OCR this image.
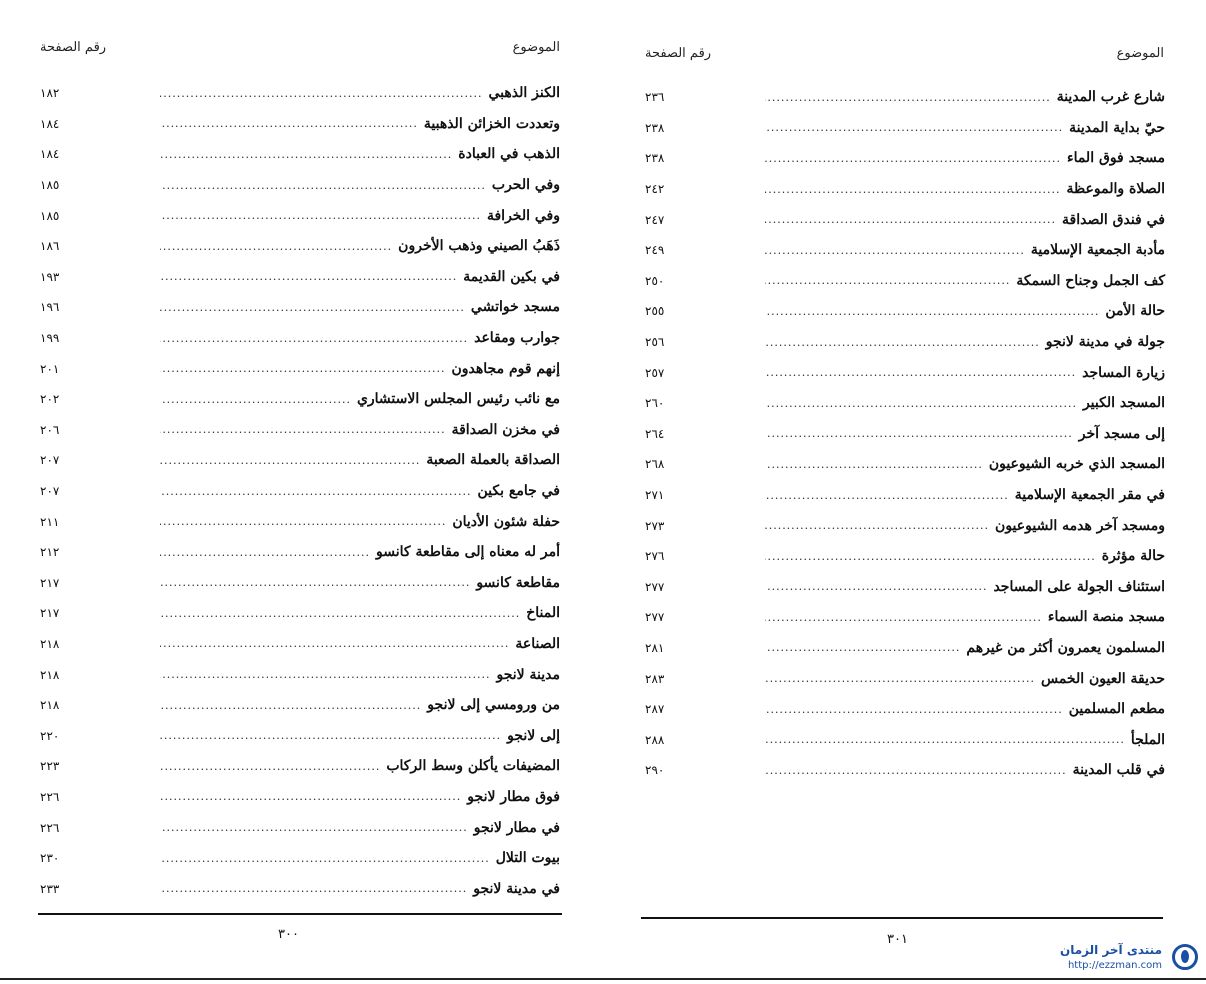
الموضوع
رقم الصفحة
الكنز الذهبي
.....
١٨٢
وتعددت الخزائن الذهبية
.....
١٨٤
الذهب في العبادة
.....
١٨٤
وفي الحرب
.....
١٨٥
وفي الخرافة
.....
١٨٥
ذَهَبُ الصيني وذهب الأخرون
.....
١٨٦
في بكين القديمة
.....
١٩٣
مسجد خواتشي
.....
١٩٦
جوارب ومقاعد
.....
١٩٩
إنهم قوم مجاهدون
.....
٢٠١
مع نائب رئيس المجلس الاستشاري
.....
٢٠٢
في مخزن الصداقة
.....
٢٠٦
الصداقة بالعملة الصعبة
.....
٢٠٧
في جامع بكين
.....
٢٠٧
حفلة شئون الأديان
.....
٢١١
أمر له معناه إلى مقاطعة كانسو
.....
٢١٢
مقاطعة كانسو
.....
٢١٧
المناخ
.....
٢١٧
الصناعة
.....
٢١٨
مدينة لانجو
.....
٢١٨
من ورومسي إلى لانجو
.....
٢١٨
إلى لانجو
.....
٢٢٠
المضيفات يأكلن وسط الركاب
.....
٢٢٣
فوق مطار لانجو
.....
٢٢٦
في مطار لانجو
.....
٢٢٦
بيوت التلال
.....
٢٣٠
في مدينة لانجو
.....
٢٣٣
٣٠٠
الموضوع
رقم الصفحة
شارع غرب المدينة
.....
٢٣٦
حيّ بداية المدينة
.....
٢٣٨
مسجد فوق الماء
.....
٢٣٨
الصلاة والموعظة
.....
٢٤٢
في فندق الصداقة
.....
٢٤٧
مأدبة الجمعية الإسلامية
.....
٢٤٩
كف الجمل وجناح السمكة
.....
٢٥٠
حالة الأمن
.....
٢٥٥
جولة في مدينة لانجو
.....
٢٥٦
زيارة المساجد
.....
٢٥٧
المسجد الكبير
.....
٢٦٠
إلى مسجد آخر
.....
٢٦٤
المسجد الذي خربه الشيوعيون
.....
٢٦٨
في مقر الجمعية الإسلامية
.....
٢٧١
ومسجد آخر هدمه الشيوعيون
.....
٢٧٣
حالة مؤثرة
.....
٢٧٦
استئناف الجولة على المساجد
.....
٢٧٧
مسجد منصة السماء
.....
٢٧٧
المسلمون يعمرون أكثر من غيرهم
.....
٢٨١
حديقة العيون الخمس
.....
٢٨٣
مطعم المسلمين
.....
٢٨٧
الملجأ
.....
٢٨٨
في قلب المدينة
.....
٢٩٠
٣٠١
منتدى آخر الزمان
http://ezzman.com
